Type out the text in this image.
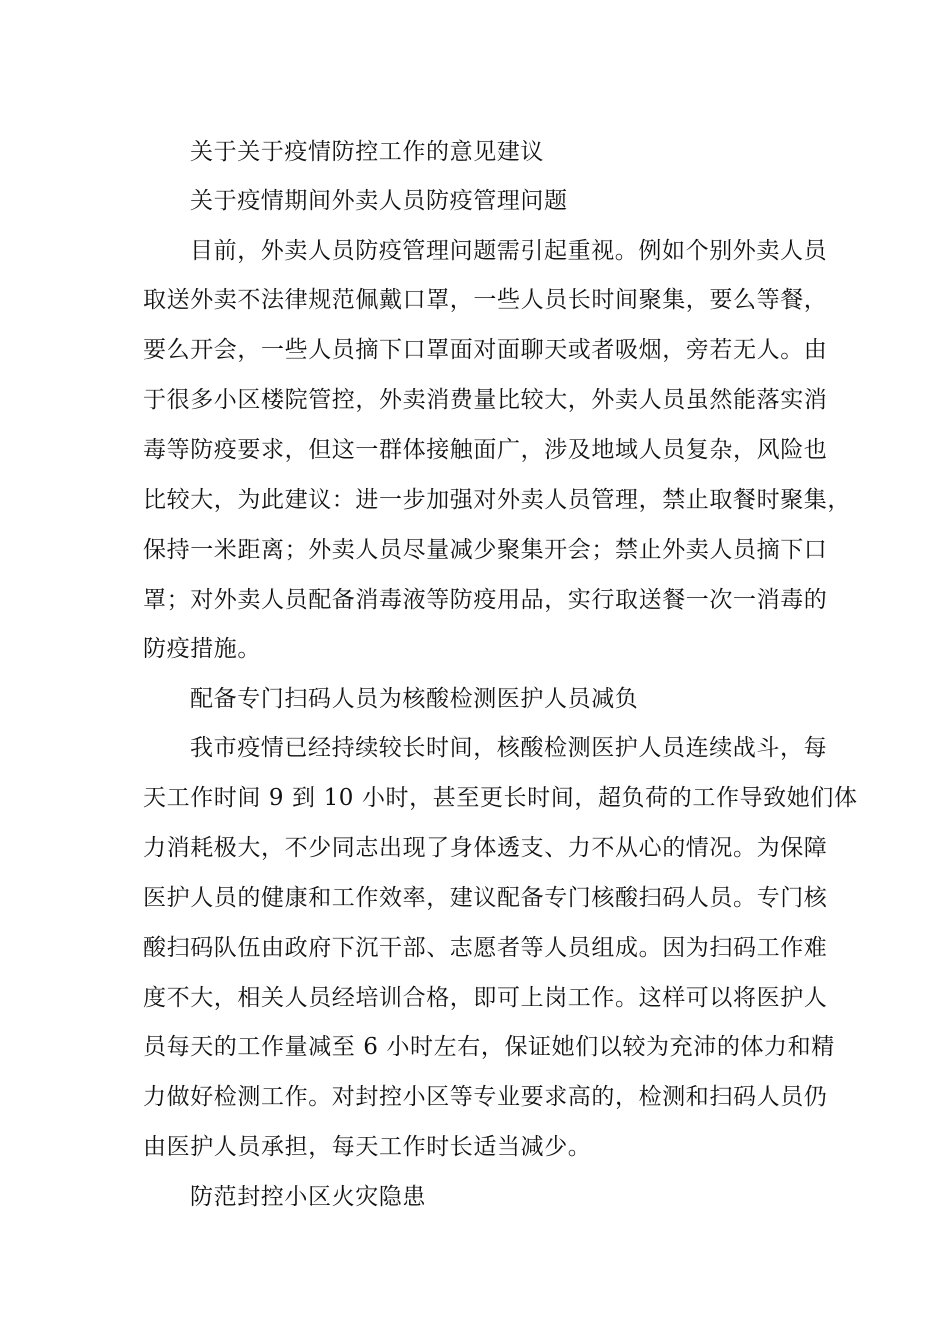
关于关于疫情防控工作的意见建议
关于疫情期间外卖人员防疫管理问题
目前，外卖人员防疫管理问题需引起重视。例如个别外卖人员
取送外卖不法律规范佩戴口罩，一些人员长时间聚集，要么等餐，
要么开会，一些人员摘下口罩面对面聊天或者吸烟，旁若无人。由
于很多小区楼院管控，外卖消费量比较大，外卖人员虽然能落实消
毒等防疫要求，但这一群体接触面广，涉及地域人员复杂，风险也
比较大，为此建议：进一步加强对外卖人员管理，禁止取餐时聚集，
保持一米距离；外卖人员尽量减少聚集开会；禁止外卖人员摘下口
罩；对外卖人员配备消毒液等防疫用品，实行取送餐一次一消毒的
防疫措施。
配备专门扫码人员为核酸检测医护人员减负
我市疫情已经持续较长时间，核酸检测医护人员连续战斗，每
天工作时间 9 到 10 小时，甚至更长时间，超负荷的工作导致她们体
力消耗极大，不少同志出现了身体透支、力不从心的情况。为保障
医护人员的健康和工作效率，建议配备专门核酸扫码人员。专门核
酸扫码队伍由政府下沉干部、志愿者等人员组成。因为扫码工作难
度不大，相关人员经培训合格，即可上岗工作。这样可以将医护人
员每天的工作量减至 6 小时左右，保证她们以较为充沛的体力和精
力做好检测工作。对封控小区等专业要求高的，检测和扫码人员仍
由医护人员承担，每天工作时长适当减少。
防范封控小区火灾隐患
